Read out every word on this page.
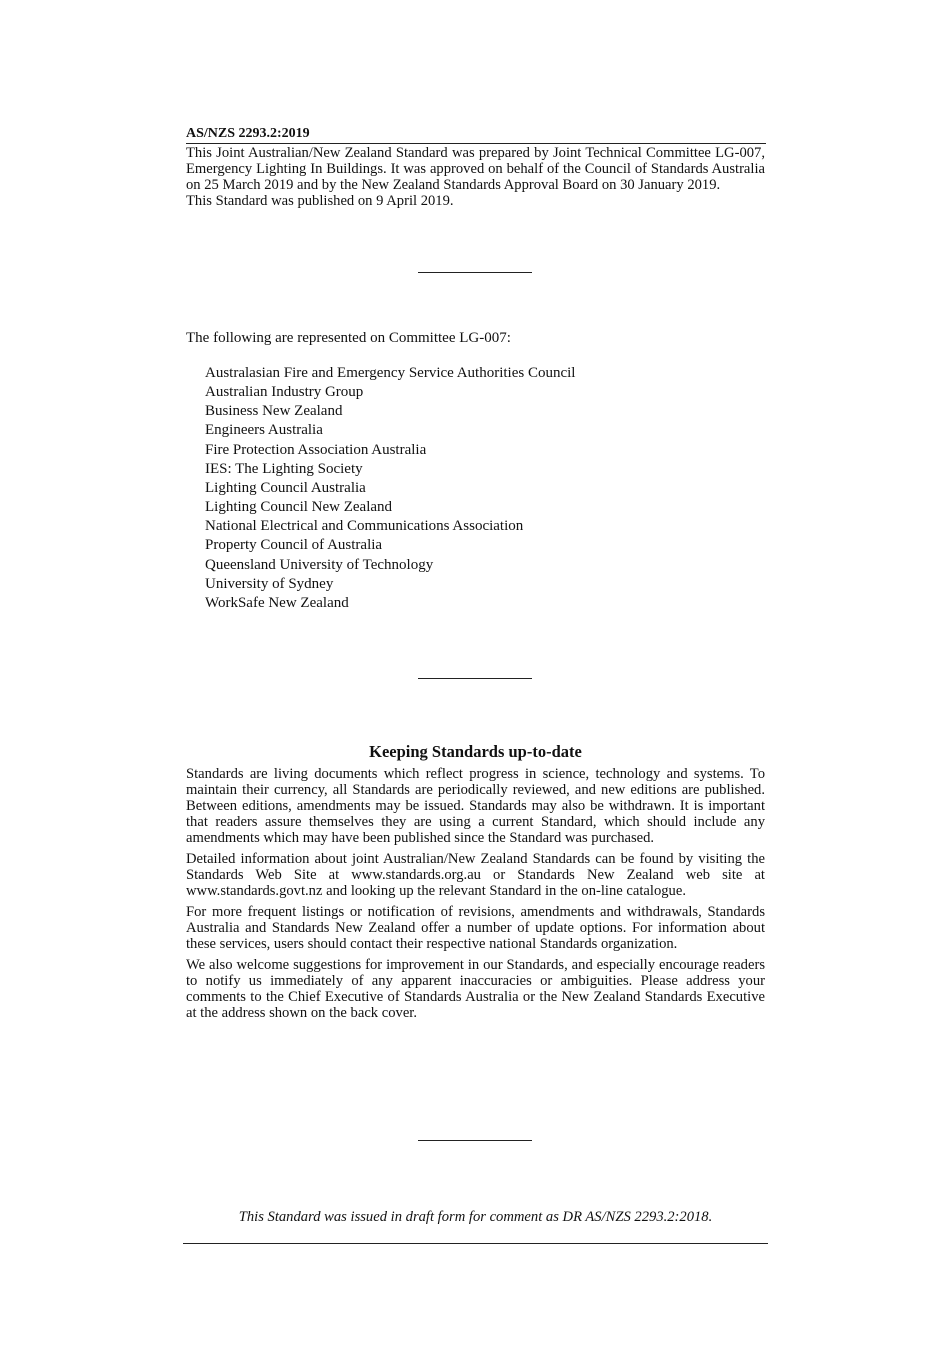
AS/NZS 2293.2:2019

This Joint Australian/New Zealand Standard was prepared by Joint Technical Committee LG-007, Emergency Lighting In Buildings. It was approved on behalf of the Council of Standards Australia on 25 March 2019 and by the New Zealand Standards Approval Board on 30 January 2019.

This Standard was published on 9 April 2019.

The following are represented on Committee LG-007:
Australasian Fire and Emergency Service Authorities Council
Australian Industry Group
Business New Zealand
Engineers Australia
Fire Protection Association Australia
IES: The Lighting Society
Lighting Council Australia
Lighting Council New Zealand
National Electrical and Communications Association
Property Council of Australia
Queensland University of Technology
University of Sydney
WorkSafe New Zealand
Keeping Standards up-to-date

Standards are living documents which reflect progress in science, technology and systems. To maintain their currency, all Standards are periodically reviewed, and new editions are published. Between editions, amendments may be issued. Standards may also be withdrawn. It is important that readers assure themselves they are using a current Standard, which should include any amendments which may have been published since the Standard was purchased.

Detailed information about joint Australian/New Zealand Standards can be found by visiting the Standards Web Site at www.standards.org.au or Standards New Zealand web site at www.standards.govt.nz and looking up the relevant Standard in the on-line catalogue.

For more frequent listings or notification of revisions, amendments and withdrawals, Standards Australia and Standards New Zealand offer a number of update options. For information about these services, users should contact their respective national Standards organization.

We also welcome suggestions for improvement in our Standards, and especially encourage readers to notify us immediately of any apparent inaccuracies or ambiguities. Please address your comments to the Chief Executive of Standards Australia or the New Zealand Standards Executive at the address shown on the back cover.

This Standard was issued in draft form for comment as DR AS/NZS 2293.2:2018.
